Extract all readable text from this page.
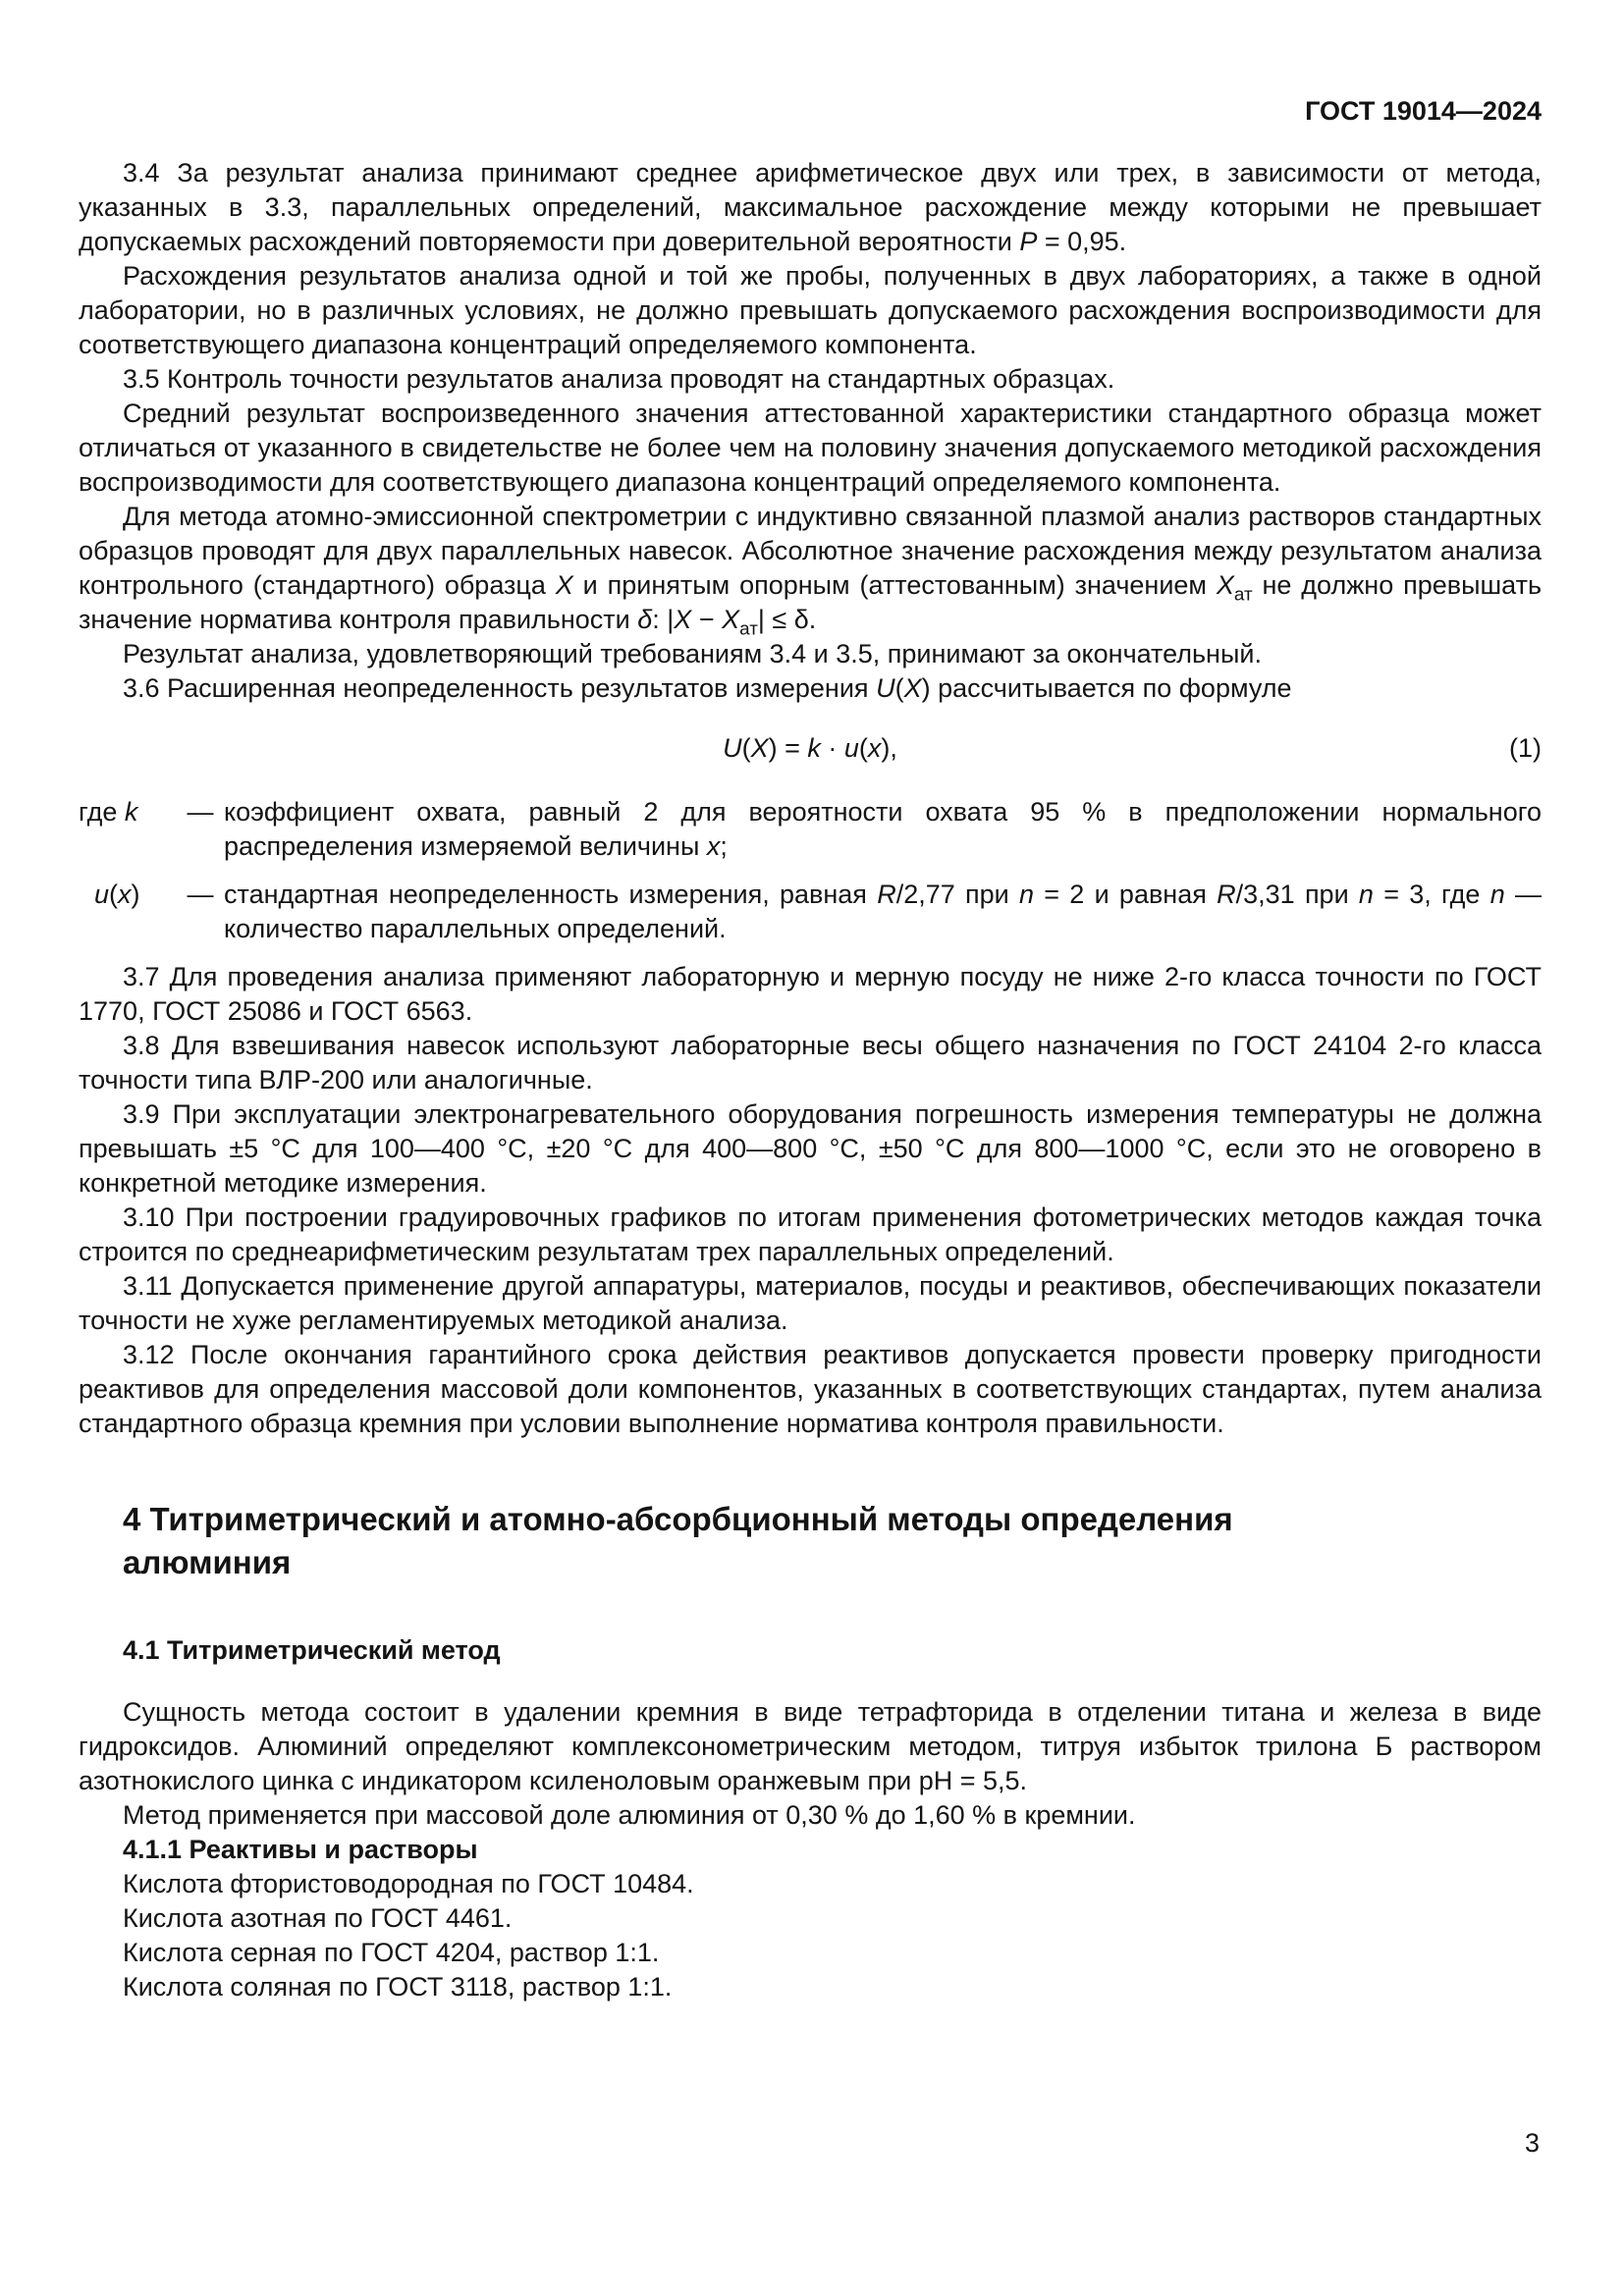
ГОСТ 19014—2024

3.4 За результат анализа принимают среднее арифметическое двух или трех, в зависимости от метода, указанных в 3.3, параллельных определений, максимальное расхождение между которыми не превышает допускаемых расхождений повторяемости при доверительной вероятности P = 0,95.

Расхождения результатов анализа одной и той же пробы, полученных в двух лабораториях, а также в одной лаборатории, но в различных условиях, не должно превышать допускаемого расхождения воспроизводимости для соответствующего диапазона концентраций определяемого компонента.

3.5 Контроль точности результатов анализа проводят на стандартных образцах.

Средний результат воспроизведенного значения аттестованной характеристики стандартного образца может отличаться от указанного в свидетельстве не более чем на половину значения допускаемого методикой расхождения воспроизводимости для соответствующего диапазона концентраций определяемого компонента.

Для метода атомно-эмиссионной спектрометрии с индуктивно связанной плазмой анализ растворов стандартных образцов проводят для двух параллельных навесок. Абсолютное значение расхождения между результатом анализа контрольного (стандартного) образца X и принятым опорным (аттестованным) значением $X_{ат}$ не должно превышать значение норматива контроля правильности δ: $|X - X_{ат}| \le \delta$.

Результат анализа, удовлетворяющий требованиям 3.4 и 3.5, принимают за окончательный.

3.6 Расширенная неопределенность результатов измерения U(X) рассчитывается по формуле

U(X) = k · u(x),	(1)
где k	— коэффициент охвата, равный 2 для вероятности охвата 95 % в предположении нормального распределения измеряемой величины x;
u(x)	— стандартная неопределенность измерения, равная R/2,77 при n = 2 и равная R/3,31 при n = 3, где n — количество параллельных определений.

3.7 Для проведения анализа применяют лабораторную и мерную посуду не ниже 2-го класса точности по ГОСТ 1770, ГОСТ 25086 и ГОСТ 6563.

3.8 Для взвешивания навесок используют лабораторные весы общего назначения по ГОСТ 24104 2-го класса точности типа ВЛР-200 или аналогичные.

3.9 При эксплуатации электронагревательного оборудования погрешность измерения температуры не должна превышать ±5 °С для 100—400 °С, ±20 °С для 400—800 °С, ±50 °С для 800—1000 °С, если это не оговорено в конкретной методике измерения.

3.10 При построении градуировочных графиков по итогам применения фотометрических методов каждая точка строится по среднеарифметическим результатам трех параллельных определений.

3.11 Допускается применение другой аппаратуры, материалов, посуды и реактивов, обеспечивающих показатели точности не хуже регламентируемых методикой анализа.

3.12 После окончания гарантийного срока действия реактивов допускается провести проверку пригодности реактивов для определения массовой доли компонентов, указанных в соответствующих стандартах, путем анализа стандартного образца кремния при условии выполнение норматива контроля правильности.

4 Титриметрический и атомно-абсорбционный методы определения
алюминия
4.1 Титриметрический метод

Сущность метода состоит в удалении кремния в виде тетрафторида в отделении титана и железа в виде гидроксидов. Алюминий определяют комплексонометрическим методом, титруя избыток трилона Б раствором азотнокислого цинка с индикатором ксиленоловым оранжевым при pH = 5,5.

Метод применяется при массовой доле алюминия от 0,30 % до 1,60 % в кремнии.

4.1.1 Реактивы и растворы

Кислота фтористоводородная по ГОСТ 10484.

Кислота азотная по ГОСТ 4461.

Кислота серная по ГОСТ 4204, раствор 1:1.

Кислота соляная по ГОСТ 3118, раствор 1:1.

3
